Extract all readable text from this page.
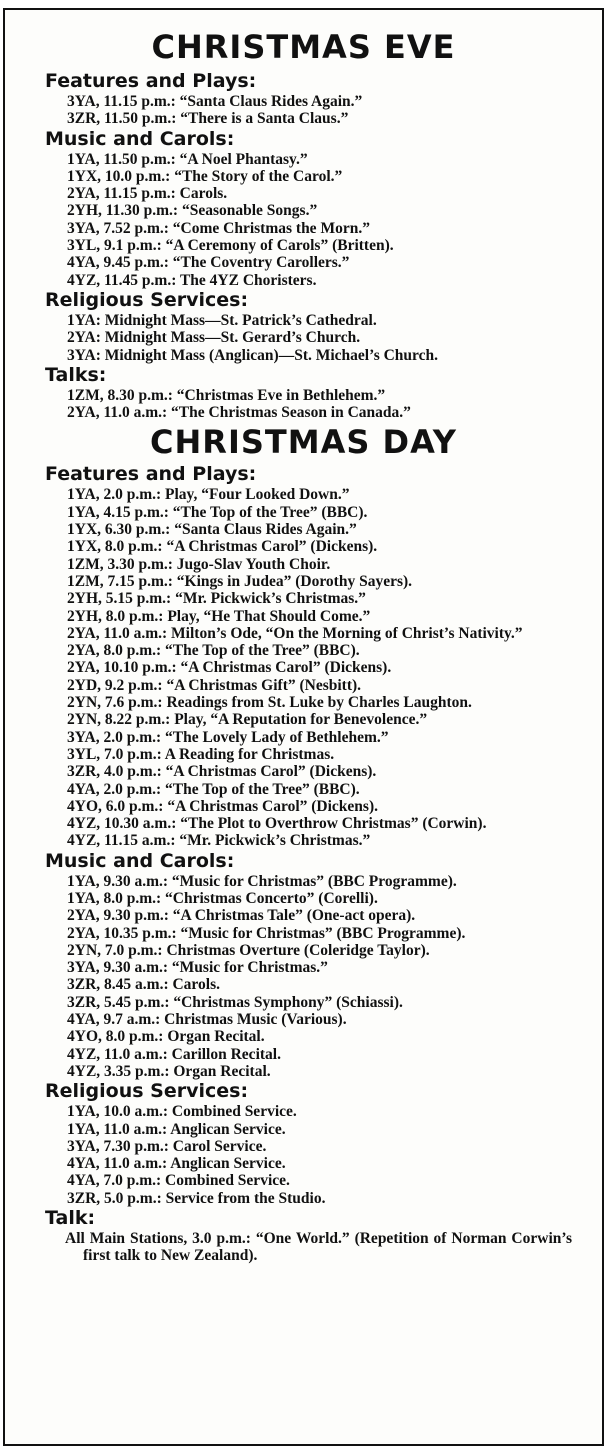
CHRISTMAS EVE
Features and Plays:
3YA, 11.15 p.m.: “Santa Claus Rides Again.”
3ZR, 11.50 p.m.: “There is a Santa Claus.”
Music and Carols:
1YA, 11.50 p.m.: “A Noel Phantasy.”
1YX, 10.0 p.m.: “The Story of the Carol.”
2YA, 11.15 p.m.: Carols.
2YH, 11.30 p.m.: “Seasonable Songs.”
3YA, 7.52 p.m.: “Come Christmas the Morn.”
3YL, 9.1 p.m.: “A Ceremony of Carols” (Britten).
4YA, 9.45 p.m.: “The Coventry Carollers.”
4YZ, 11.45 p.m.: The 4YZ Choristers.
Religious Services:
1YA: Midnight Mass—St. Patrick’s Cathedral.
2YA: Midnight Mass—St. Gerard’s Church.
3YA: Midnight Mass (Anglican)—St. Michael’s Church.
Talks:
1ZM, 8.30 p.m.: “Christmas Eve in Bethlehem.”
2YA, 11.0 a.m.: “The Christmas Season in Canada.”
CHRISTMAS DAY
Features and Plays:
1YA, 2.0 p.m.: Play, “Four Looked Down.”
1YA, 4.15 p.m.: “The Top of the Tree” (BBC).
1YX, 6.30 p.m.: “Santa Claus Rides Again.”
1YX, 8.0 p.m.: “A Christmas Carol” (Dickens).
1ZM, 3.30 p.m.: Jugo-Slav Youth Choir.
1ZM, 7.15 p.m.: “Kings in Judea” (Dorothy Sayers).
2YH, 5.15 p.m.: “Mr. Pickwick’s Christmas.”
2YH, 8.0 p.m.: Play, “He That Should Come.”
2YA, 11.0 a.m.: Milton’s Ode, “On the Morning of Christ’s Nativity.”
2YA, 8.0 p.m.: “The Top of the Tree” (BBC).
2YA, 10.10 p.m.: “A Christmas Carol” (Dickens).
2YD, 9.2 p.m.: “A Christmas Gift” (Nesbitt).
2YN, 7.6 p.m.: Readings from St. Luke by Charles Laughton.
2YN, 8.22 p.m.: Play, “A Reputation for Benevolence.”
3YA, 2.0 p.m.: “The Lovely Lady of Bethlehem.”
3YL, 7.0 p.m.: A Reading for Christmas.
3ZR, 4.0 p.m.: “A Christmas Carol” (Dickens).
4YA, 2.0 p.m.: “The Top of the Tree” (BBC).
4YO, 6.0 p.m.: “A Christmas Carol” (Dickens).
4YZ, 10.30 a.m.: “The Plot to Overthrow Christmas” (Corwin).
4YZ, 11.15 a.m.: “Mr. Pickwick’s Christmas.”
Music and Carols:
1YA, 9.30 a.m.: “Music for Christmas” (BBC Programme).
1YA, 8.0 p.m.: “Christmas Concerto” (Corelli).
2YA, 9.30 p.m.: “A Christmas Tale” (One-act opera).
2YA, 10.35 p.m.: “Music for Christmas” (BBC Programme).
2YN, 7.0 p.m.: Christmas Overture (Coleridge Taylor).
3YA, 9.30 a.m.: “Music for Christmas.”
3ZR, 8.45 a.m.: Carols.
3ZR, 5.45 p.m.: “Christmas Symphony” (Schiassi).
4YA, 9.7 a.m.: Christmas Music (Various).
4YO, 8.0 p.m.: Organ Recital.
4YZ, 11.0 a.m.: Carillon Recital.
4YZ, 3.35 p.m.: Organ Recital.
Religious Services:
1YA, 10.0 a.m.: Combined Service.
1YA, 11.0 a.m.: Anglican Service.
3YA, 7.30 p.m.: Carol Service.
4YA, 11.0 a.m.: Anglican Service.
4YA, 7.0 p.m.: Combined Service.
3ZR, 5.0 p.m.: Service from the Studio.
Talk:
All Main Stations, 3.0 p.m.: “One World.” (Repetition of Norman Corwin’s first talk to New Zealand).
